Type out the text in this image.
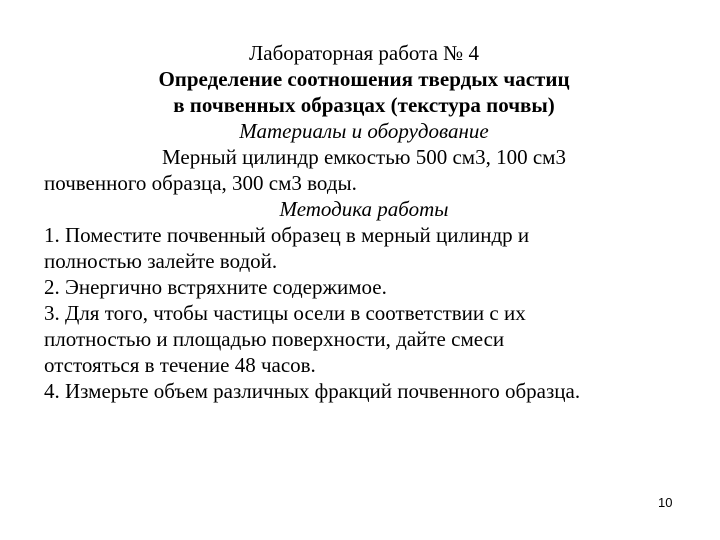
Лабораторная работа № 4
Определение соотношения твердых частиц
в почвенных образцах (текстура почвы)
Материалы и оборудование
Мерный цилиндр емкостью 500 см3, 100 см3
почвенного образца, 300 см3 воды.
Методика работы
1. Поместите почвенный образец в мерный цилиндр и
полностью залейте водой.
2. Энергично встряхните содержимое.
3. Для того, чтобы частицы осели в соответствии с их
плотностью и площадью поверхности, дайте смеси
отстояться в течение 48 часов.
4. Измерьте объем различных фракций почвенного образца.
10
